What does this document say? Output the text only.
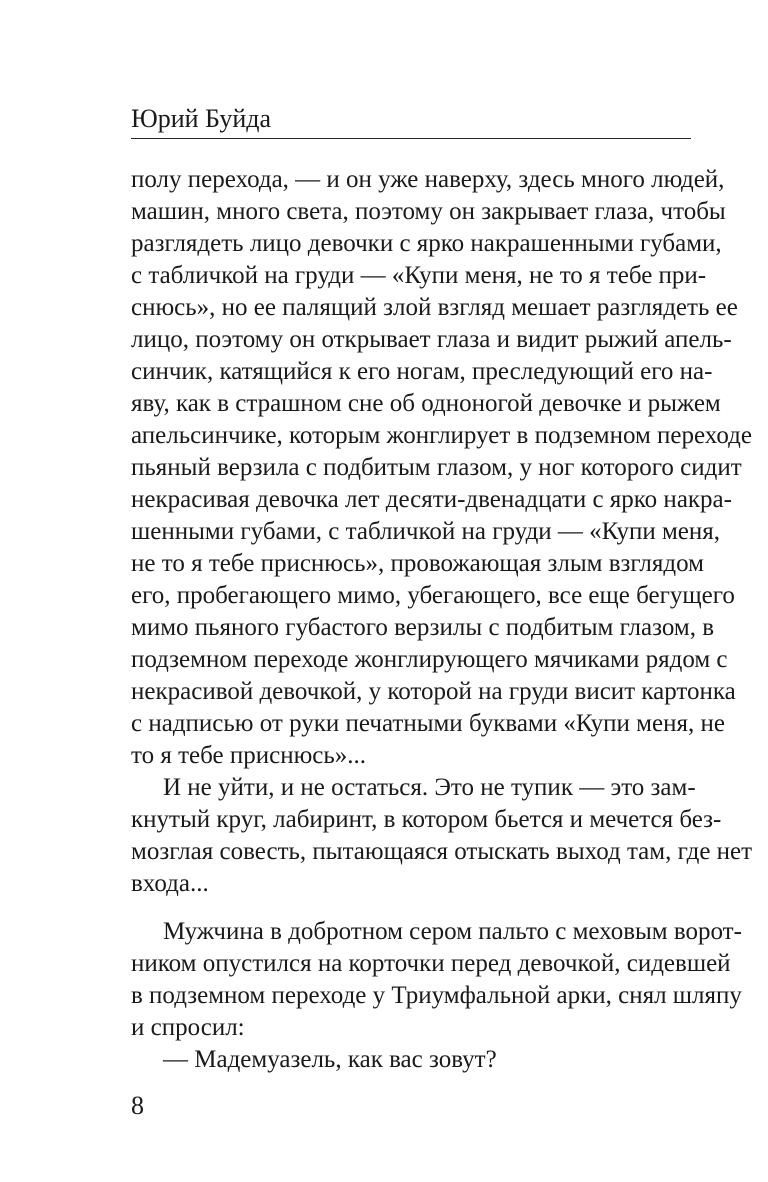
Юрий Буйда
полу перехода, — и он уже наверху, здесь много людей,
машин, много света, поэтому он закрывает глаза, чтобы
разглядеть лицо девочки с ярко накрашенными губами,
с табличкой на груди — «Купи меня, не то я тебе при-
снюсь», но ее палящий злой взгляд мешает разглядеть ее
лицо, поэтому он открывает глаза и видит рыжий апель-
синчик, катящийся к его ногам, преследующий его на-
яву, как в страшном сне об одноногой девочке и рыжем
апельсинчике, которым жонглирует в подземном переходе
пьяный верзила с подбитым глазом, у ног которого сидит
некрасивая девочка лет десяти-двенадцати с ярко накра-
шенными губами, с табличкой на груди — «Купи меня,
не то я тебе приснюсь», провожающая злым взглядом
его, пробегающего мимо, убегающего, все еще бегущего
мимо пьяного губастого верзилы с подбитым глазом, в
подземном переходе жонглирующего мячиками рядом с
некрасивой девочкой, у которой на груди висит картонка
с надписью от руки печатными буквами «Купи меня, не
то я тебе приснюсь»...
И не уйти, и не остаться. Это не тупик — это зам-
кнутый круг, лабиринт, в котором бьется и мечется без-
мозглая совесть, пытающаяся отыскать выход там, где нет
входа...
Мужчина в добротном сером пальто с меховым ворот-
ником опустился на корточки перед девочкой, сидевшей
в подземном переходе у Триумфальной арки, снял шляпу
и спросил:
— Мадемуазель, как вас зовут?
8
